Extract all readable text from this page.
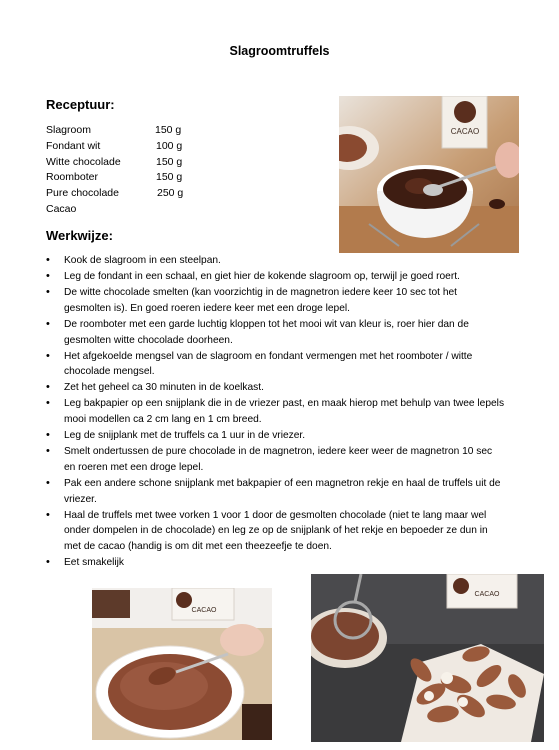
Slagroomtruffels
Receptuur:
Slagroom	150 g
Fondant wit	100 g
Witte chocolade	150 g
Roomboter	150 g
Pure chocolade	250 g
Cacao
Werkwijze:
• Kook de slagroom in een steelpan.
• Leg de fondant in een schaal, en giet hier de kokende slagroom op, terwijl je goed roert.
• De witte chocolade smelten (kan voorzichtig in de magnetron iedere keer 10 sec tot het gesmolten is). En goed roeren iedere keer met een droge lepel.
• De roomboter met een garde luchtig kloppen tot het mooi wit van kleur is, roer hier dan de gesmolten witte chocolade doorheen.
• Het afgekoelde mengsel van de slagroom en fondant vermengen met het roomboter / witte chocolade mengsel.
• Zet het geheel ca 30 minuten in de koelkast.
• Leg bakpapier op een snijplank die in de vriezer past, en maak hierop met behulp van twee lepels mooi modellen ca 2 cm lang en 1 cm breed.
• Leg de snijplank met de truffels ca 1 uur in de vriezer.
• Smelt ondertussen de pure chocolade in de magnetron, iedere keer weer de magnetron 10 sec en roeren met een droge lepel.
• Pak een andere schone snijplank met bakpapier of een magnetron rekje en haal de truffels uit de vriezer.
• Haal de truffels met twee vorken 1 voor 1 door de gesmolten chocolade (niet te lang maar wel onder dompelen in de chocolade) en leg ze op de snijplank of het rekje en bepoeder ze dun in met de cacao (handig is om dit met een theezeefje te doen.
• Eet smakelijk
CACAO
CACAO
CACAO
